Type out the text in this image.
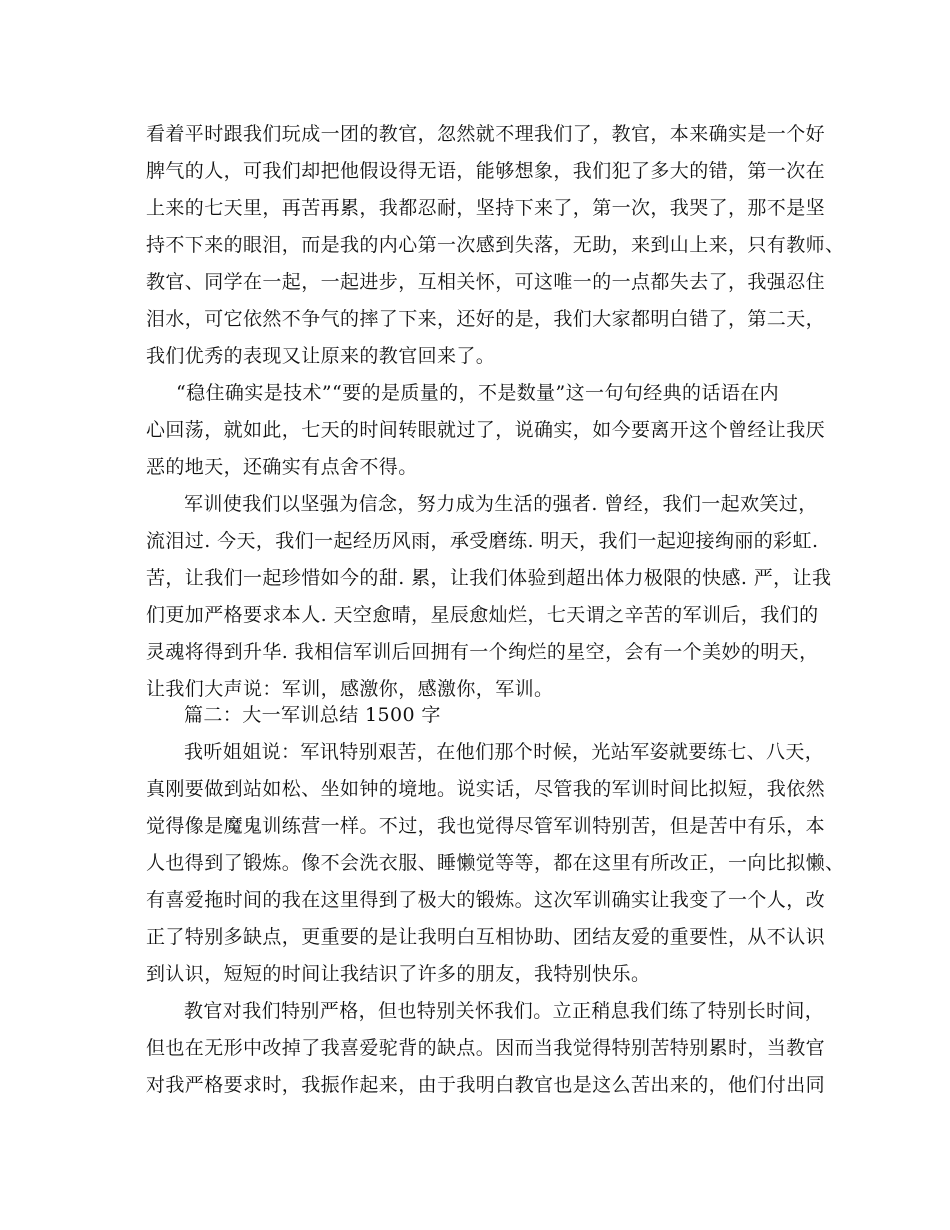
看着平时跟我们玩成一团的教官，忽然就不理我们了，教官，本来确实是一个好
脾气的人，可我们却把他假设得无语，能够想象，我们犯了多大的错，第一次在
上来的七天里，再苦再累，我都忍耐，坚持下来了，第一次，我哭了，那不是坚
持不下来的眼泪，而是我的内心第一次感到失落，无助，来到山上来，只有教师、
教官、同学在一起，一起进步，互相关怀，可这唯一的一点都失去了，我强忍住
泪水，可它依然不争气的摔了下来，还好的是，我们大家都明白错了，第二天，
我们优秀的表现又让原来的教官回来了。
“稳住确实是技术”“要的是质量的，不是数量”这一句句经典的话语在内
心回荡，就如此，七天的时间转眼就过了，说确实，如今要离开这个曾经让我厌
恶的地天，还确实有点舍不得。
军训使我们以坚强为信念，努力成为生活的强者. 曾经，我们一起欢笑过，
流泪过. 今天，我们一起经历风雨，承受磨练. 明天，我们一起迎接绚丽的彩虹.
苦，让我们一起珍惜如今的甜. 累，让我们体验到超出体力极限的快感. 严，让我
们更加严格要求本人. 天空愈晴，星辰愈灿烂，七天谓之辛苦的军训后，我们的
灵魂将得到升华. 我相信军训后回拥有一个绚烂的星空，会有一个美妙的明天，
让我们大声说：军训，感激你，感激你，军训。
篇二：大一军训总结 1500 字
我听姐姐说：军讯特别艰苦，在他们那个时候，光站军姿就要练七、八天，
真刚要做到站如松、坐如钟的境地。说实话，尽管我的军训时间比拟短，我依然
觉得像是魔鬼训练营一样。不过，我也觉得尽管军训特别苦，但是苦中有乐，本
人也得到了锻炼。像不会洗衣服、睡懒觉等等，都在这里有所改正，一向比拟懒、
有喜爱拖时间的我在这里得到了极大的锻炼。这次军训确实让我变了一个人，改
正了特别多缺点，更重要的是让我明白互相协助、团结友爱的重要性，从不认识
到认识，短短的时间让我结识了许多的朋友，我特别快乐。
教官对我们特别严格，但也特别关怀我们。立正稍息我们练了特别长时间，
但也在无形中改掉了我喜爱驼背的缺点。因而当我觉得特别苦特别累时，当教官
对我严格要求时，我振作起来，由于我明白教官也是这么苦出来的，他们付出同
